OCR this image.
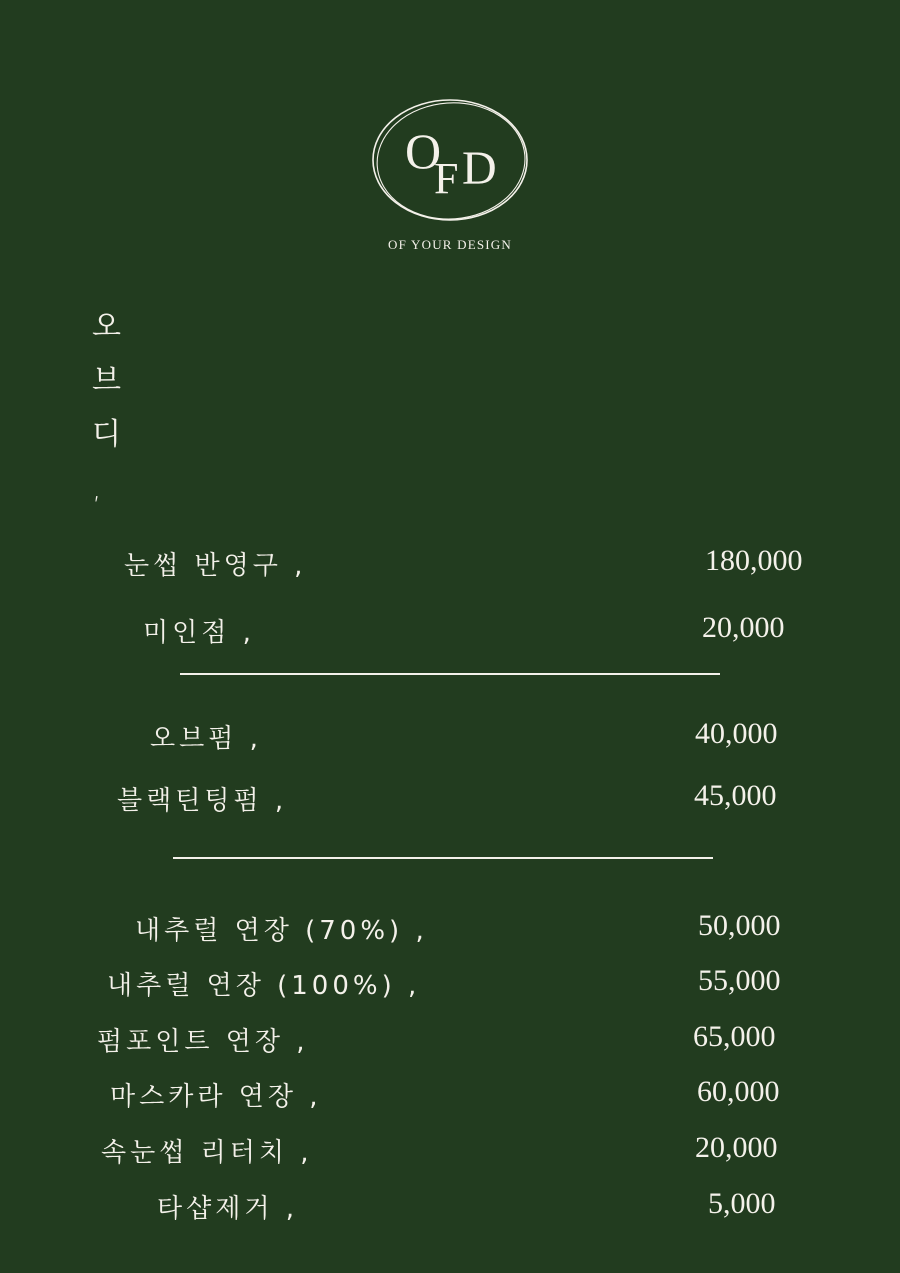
O
F D
OF YOUR DESIGN
오
브
디
,
눈썹 반영구 ,	180,000
미인점 ,	20,000
오브펌 ,	40,000
블랙틴팅펌 ,	45,000
내추럴 연장 (70%) ,	50,000
내추럴 연장 (100%) ,	55,000
펌포인트 연장 ,	65,000
마스카라 연장 ,	60,000
속눈썹 리터치 ,	20,000
타샵제거 ,	5,000
